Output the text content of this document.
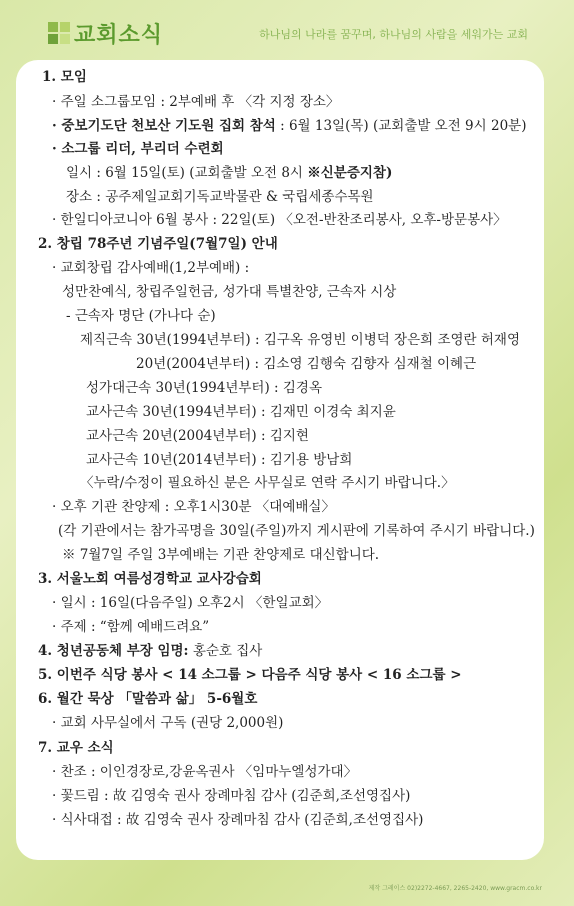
교회소식	하나님의 나라를 꿈꾸며, 하나님의 사람을 세워가는 교회
1. 모임
· 주일 소그룹모임 : 2부예배 후 〈각 지정 장소〉
· 중보기도단 천보산 기도원 집회 참석 : 6월 13일(목) (교회출발 오전 9시 20분)
· 소그룹 리더, 부리더 수련회
일시 : 6월 15일(토) (교회출발 오전 8시 ※신분증지참)
장소 : 공주제일교회기독교박물관 & 국립세종수목원
· 한일디아코니아 6월 봉사 : 22일(토) 〈오전-반찬조리봉사, 오후-방문봉사〉
2. 창립 78주년 기념주일(7월7일) 안내
· 교회창립 감사예배(1,2부예배) :
성만찬예식, 창립주일헌금, 성가대 특별찬양, 근속자 시상
- 근속자 명단 (가나다 순)
제직근속 30년(1994년부터) : 김구옥 유영빈 이병덕 장은희 조영란 허재영
20년(2004년부터) : 김소영 김행숙 김향자 심재철 이혜근
성가대근속 30년(1994년부터) : 김경옥
교사근속 30년(1994년부터) : 김재민 이경숙 최지윤
교사근속 20년(2004년부터) : 김지현
교사근속 10년(2014년부터) : 김기용 방남희
〈누락/수정이 필요하신 분은 사무실로 연락 주시기 바랍니다.〉
· 오후 기관 찬양제 : 오후1시30분 〈대예배실〉
(각 기관에서는 참가곡명을 30일(주일)까지 게시판에 기록하여 주시기 바랍니다.)
※ 7월7일 주일 3부예배는 기관 찬양제로 대신합니다.
3. 서울노회 여름성경학교 교사강습회
· 일시 : 16일(다음주일) 오후2시 〈한일교회〉
· 주제 : “함께 예배드려요”
4. 청년공동체 부장 임명: 홍순호 집사
5. 이번주 식당 봉사 < 14 소그룹 > 다음주 식당 봉사 < 16 소그룹 >
6. 월간 묵상 「말씀과 삶」 5-6월호
· 교회 사무실에서 구독 (권당 2,000원)
7. 교우 소식
· 찬조 : 이인경장로,강윤옥권사 〈임마누엘성가대〉
· 꽃드림 : 故 김영숙 권사 장례마침 감사 (김준희,조선영집사)
· 식사대접 : 故 김영숙 권사 장례마침 감사 (김준희,조선영집사)
제작 그레이스 02)2272-4667, 2265-2420, www.gracm.co.kr
